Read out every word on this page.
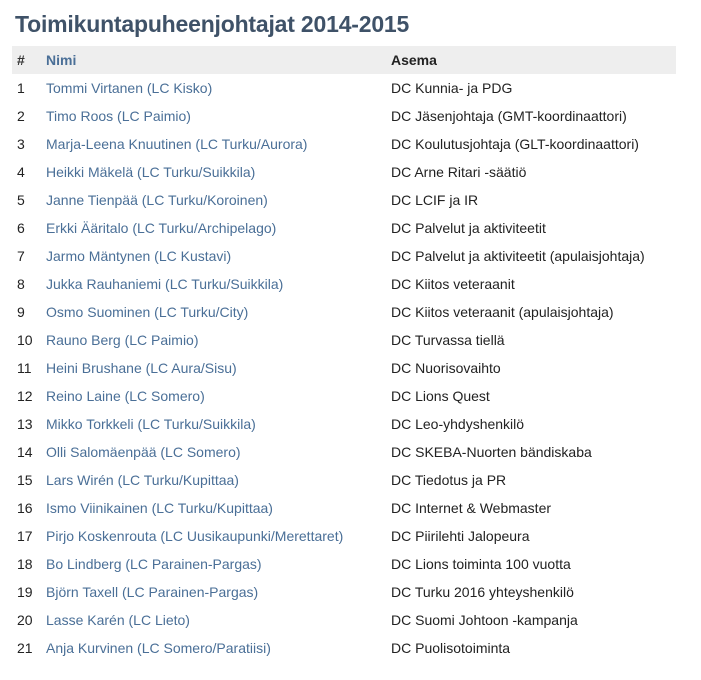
Toimikuntapuheenjohtajat 2014-2015
#	Nimi	Asema
1	Tommi Virtanen (LC Kisko)	DC Kunnia- ja PDG
2	Timo Roos (LC Paimio)	DC Jäsenjohtaja (GMT-koordinaattori)
3	Marja-Leena Knuutinen (LC Turku/Aurora)	DC Koulutusjohtaja (GLT-koordinaattori)
4	Heikki Mäkelä (LC Turku/Suikkila)	DC Arne Ritari -säätiö
5	Janne Tienpää (LC Turku/Koroinen)	DC LCIF ja IR
6	Erkki Ääritalo (LC Turku/Archipelago)	DC Palvelut ja aktiviteetit
7	Jarmo Mäntynen (LC Kustavi)	DC Palvelut ja aktiviteetit (apulaisjohtaja)
8	Jukka Rauhaniemi (LC Turku/Suikkila)	DC Kiitos veteraanit
9	Osmo Suominen (LC Turku/City)	DC Kiitos veteraanit (apulaisjohtaja)
10	Rauno Berg (LC Paimio)	DC Turvassa tiellä
11	Heini Brushane (LC Aura/Sisu)	DC Nuorisovaihto
12	Reino Laine (LC Somero)	DC Lions Quest
13	Mikko Torkkeli (LC Turku/Suikkila)	DC Leo-yhdyshenkilö
14	Olli Salomäenpää (LC Somero)	DC SKEBA-Nuorten bändiskaba
15	Lars Wirén (LC Turku/Kupittaa)	DC Tiedotus ja PR
16	Ismo Viinikainen (LC Turku/Kupittaa)	DC Internet & Webmaster
17	Pirjo Koskenrouta (LC Uusikaupunki/Merettaret)	DC Piirilehti Jalopeura
18	Bo Lindberg (LC Parainen-Pargas)	DC Lions toiminta 100 vuotta
19	Björn Taxell (LC Parainen-Pargas)	DC Turku 2016 yhteyshenkilö
20	Lasse Karén (LC Lieto)	DC Suomi Johtoon -kampanja
21	Anja Kurvinen (LC Somero/Paratiisi)	DC Puolisotoiminta
